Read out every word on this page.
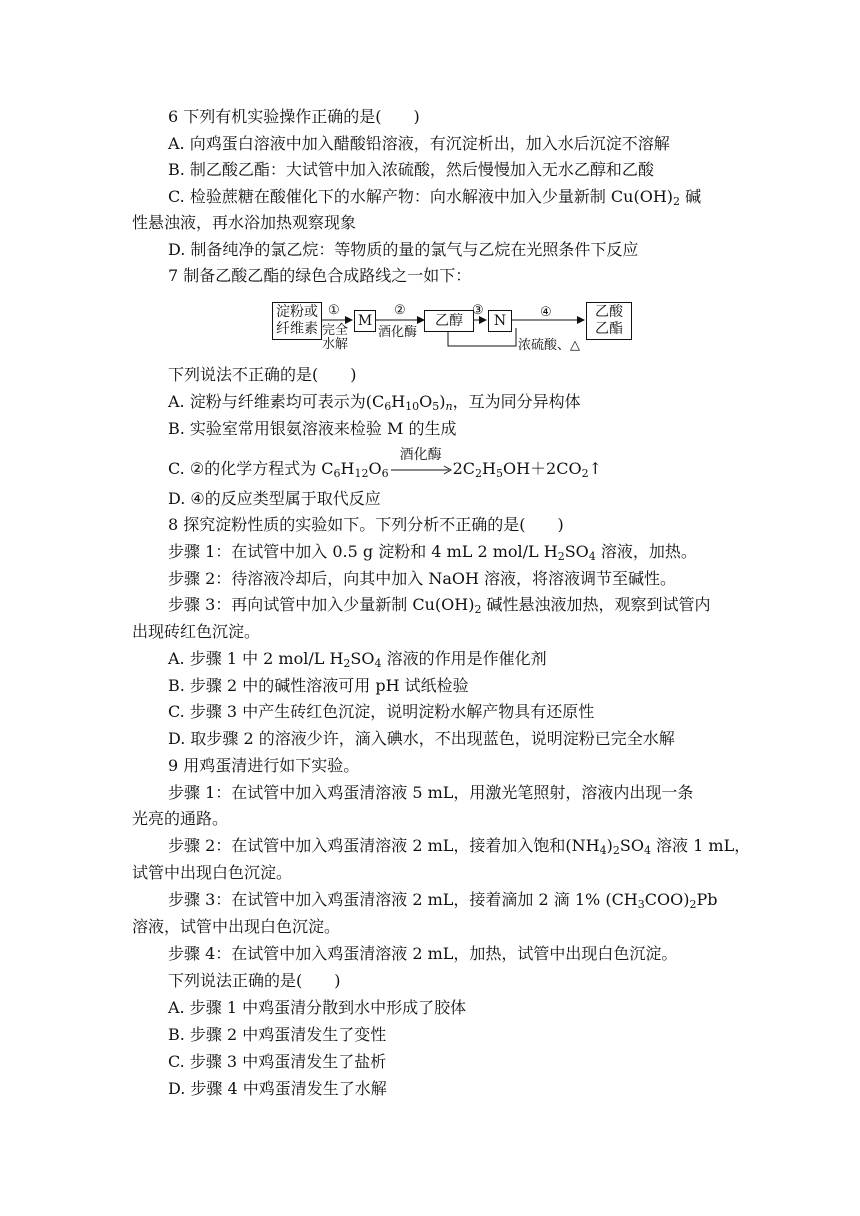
6 下列有机实验操作正确的是(　　)
A. 向鸡蛋白溶液中加入醋酸铅溶液，有沉淀析出，加入水后沉淀不溶解
B. 制乙酸乙酯：大试管中加入浓硫酸，然后慢慢加入无水乙醇和乙酸
C. 检验蔗糖在酸催化下的水解产物：向水解液中加入少量新制 $Cu(OH)_2$ 碱
性悬浊液，再水浴加热观察现象
D. 制备纯净的氯乙烷：等物质的量的氯气与乙烷在光照条件下反应
7 制备乙酸乙酯的绿色合成路线之一如下：
淀粉或
纤维素
M	乙醇	N
乙酸
乙酯
①
完全
水解
②
酒化酶
③	④
浓硫酸、△
下列说法不正确的是(　　)
A. 淀粉与纤维素均可表示为$(C_6H_{10}O_5)_n$，互为同分异构体
B. 实验室常用银氨溶液来检验 M 的生成
C. ②的化学方程式为 $C_6H_{12}O_6$
酒化酶
$2C_2H_5OH+2CO_2↑$
D. ④的反应类型属于取代反应
8 探究淀粉性质的实验如下。下列分析不正确的是(　　)
步骤 1：在试管中加入 0.5 g 淀粉和 4 mL 2 mol/L $H_2SO_4$ 溶液，加热。
步骤 2：待溶液冷却后，向其中加入 NaOH 溶液，将溶液调节至碱性。
步骤 3：再向试管中加入少量新制 $Cu(OH)_2$ 碱性悬浊液加热，观察到试管内
出现砖红色沉淀。
A. 步骤 1 中 2 mol/L $H_2SO_4$ 溶液的作用是作催化剂
B. 步骤 2 中的碱性溶液可用 pH 试纸检验
C. 步骤 3 中产生砖红色沉淀，说明淀粉水解产物具有还原性
D. 取步骤 2 的溶液少许，滴入碘水，不出现蓝色，说明淀粉已完全水解
9 用鸡蛋清进行如下实验。
步骤 1：在试管中加入鸡蛋清溶液 5 mL，用激光笔照射，溶液内出现一条
光亮的通路。
步骤 2：在试管中加入鸡蛋清溶液 2 mL，接着加入饱和$(NH_4)_2SO_4$ 溶液 1 mL，
试管中出现白色沉淀。
步骤 3：在试管中加入鸡蛋清溶液 2 mL，接着滴加 2 滴 1% $(CH_3COO)_2Pb$
溶液，试管中出现白色沉淀。
步骤 4：在试管中加入鸡蛋清溶液 2 mL，加热，试管中出现白色沉淀。
下列说法正确的是(　　)
A. 步骤 1 中鸡蛋清分散到水中形成了胶体
B. 步骤 2 中鸡蛋清发生了变性
C. 步骤 3 中鸡蛋清发生了盐析
D. 步骤 4 中鸡蛋清发生了水解
